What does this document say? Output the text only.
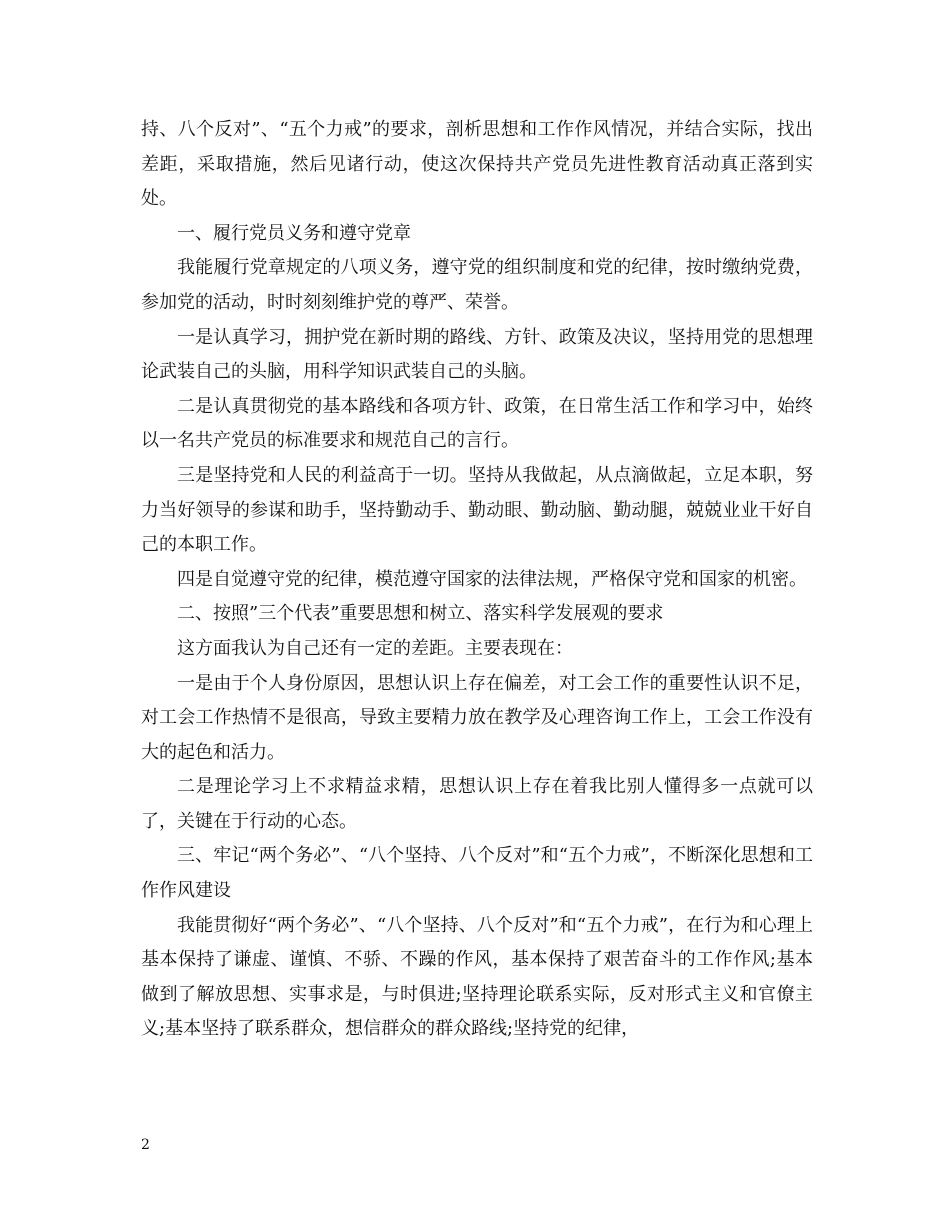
持、八个反对”、“五个力戒”的要求，剖析思想和工作作风情况，并结合实际，找出差距，采取措施，然后见诸行动，使这次保持共产党员先进性教育活动真正落到实处。

一、履行党员义务和遵守党章

我能履行党章规定的八项义务，遵守党的组织制度和党的纪律，按时缴纳党费，参加党的活动，时时刻刻维护党的尊严、荣誉。

一是认真学习，拥护党在新时期的路线、方针、政策及决议，坚持用党的思想理论武装自己的头脑，用科学知识武装自己的头脑。

二是认真贯彻党的基本路线和各项方针、政策，在日常生活工作和学习中，始终以一名共产党员的标准要求和规范自己的言行。

三是坚持党和人民的利益高于一切。坚持从我做起，从点滴做起，立足本职，努力当好领导的参谋和助手，坚持勤动手、勤动眼、勤动脑、勤动腿，兢兢业业干好自己的本职工作。

四是自觉遵守党的纪律，模范遵守国家的法律法规，严格保守党和国家的机密。

二、按照”三个代表”重要思想和树立、落实科学发展观的要求

这方面我认为自己还有一定的差距。主要表现在：

一是由于个人身份原因，思想认识上存在偏差，对工会工作的重要性认识不足，对工会工作热情不是很高，导致主要精力放在教学及心理咨询工作上，工会工作没有大的起色和活力。

二是理论学习上不求精益求精，思想认识上存在着我比别人懂得多一点就可以了，关键在于行动的心态。

三、牢记“两个务必”、“八个坚持、八个反对”和“五个力戒”，不断深化思想和工作作风建设

我能贯彻好“两个务必”、“八个坚持、八个反对”和“五个力戒”，在行为和心理上基本保持了谦虚、谨慎、不骄、不躁的作风，基本保持了艰苦奋斗的工作作风;基本做到了解放思想、实事求是，与时俱进;坚持理论联系实际，反对形式主义和官僚主义;基本坚持了联系群众，想信群众的群众路线;坚持党的纪律，

2
